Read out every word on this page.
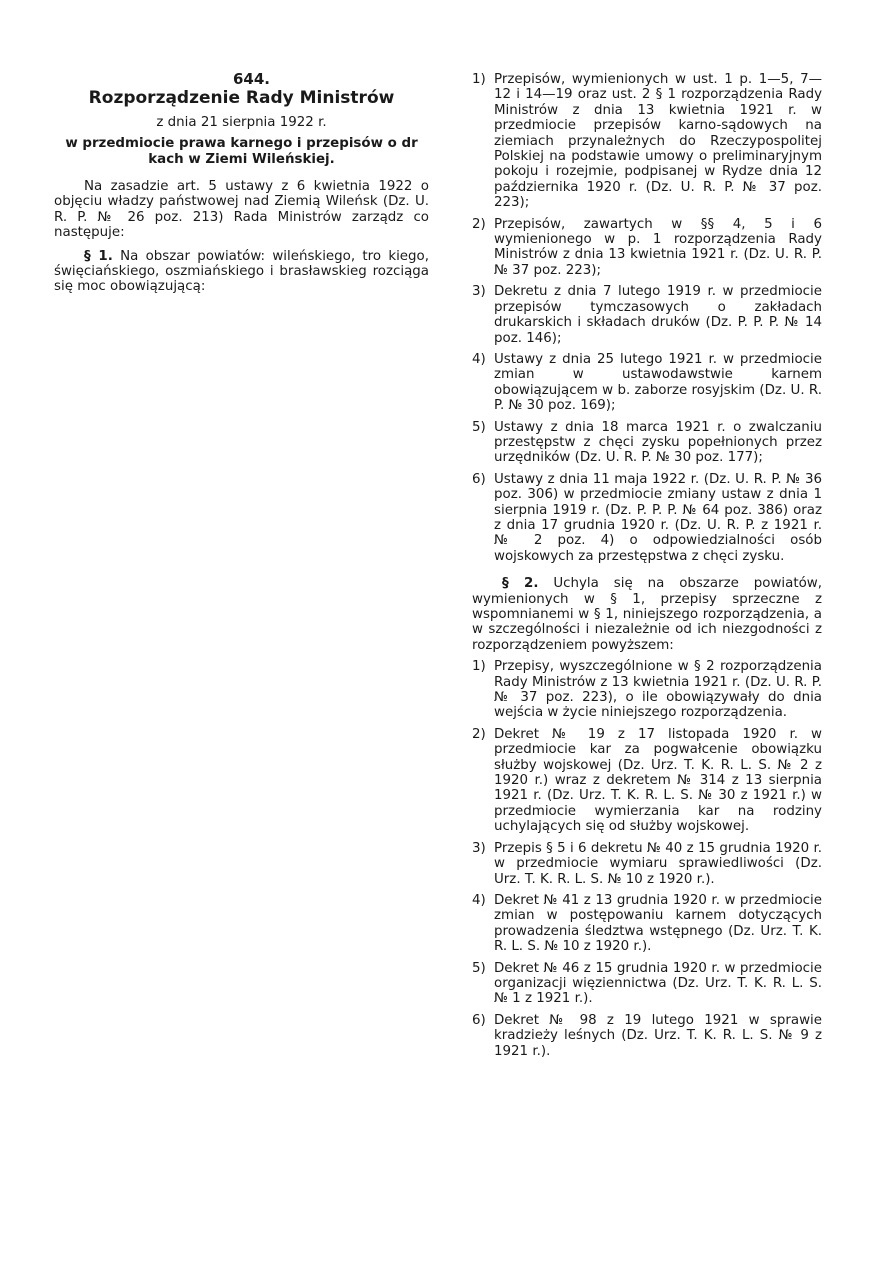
644.
Rozporządzenie Rady Ministrów
z dnia 21 sierpnia 1922 r.
w przedmiocie prawa karnego i przepisów o dr
kach w Ziemi Wileńskiej.

Na zasadzie art. 5 ustawy z 6 kwietnia 1922 o objęciu władzy państwowej nad Ziemią Wileńsk (Dz. U. R. P. № 26 poz. 213) Rada Ministrów zarządz co następuje:

§ 1. Na obszar powiatów: wileńskiego, tro kiego, święciańskiego, oszmiańskiego i brasławskieg rozciąga się moc obowiązującą:

1) Przepisów, wymienionych w ust. 1 p. 1—5, 7—12 i 14—19 oraz ust. 2 § 1 rozporządzenia Rady Ministrów z dnia 13 kwietnia 1921 r. w przedmiocie przepisów karno-sądowych na ziemiach przynależnych do Rzeczypospolitej Polskiej na podstawie umowy o preliminaryjnym pokoju i rozejmie, podpisanej w Rydze dnia 12 października 1920 r. (Dz. U. R. P. № 37 poz. 223);
2) Przepisów, zawartych w §§ 4, 5 i 6 wymienionego w p. 1 rozporządzenia Rady Ministrów z dnia 13 kwietnia 1921 r. (Dz. U. R. P. № 37 poz. 223);
3) Dekretu z dnia 7 lutego 1919 r. w przedmiocie przepisów tymczasowych o zakładach drukarskich i składach druków (Dz. P. P. P. № 14 poz. 146);
4) Ustawy z dnia 25 lutego 1921 r. w przedmiocie zmian w ustawodawstwie karnem obowiązującem w b. zaborze rosyjskim (Dz. U. R. P. № 30 poz. 169);
5) Ustawy z dnia 18 marca 1921 r. o zwalczaniu przestępstw z chęci zysku popełnionych przez urzędników (Dz. U. R. P. № 30 poz. 177);
6) Ustawy z dnia 11 maja 1922 r. (Dz. U. R. P. № 36 poz. 306) w przedmiocie zmiany ustaw z dnia 1 sierpnia 1919 r. (Dz. P. P. P. № 64 poz. 386) oraz z dnia 17 grudnia 1920 r. (Dz. U. R. P. z 1921 r. № 2 poz. 4) o odpowiedzialności osób wojskowych za przestępstwa z chęci zysku.

§ 2. Uchyla się na obszarze powiatów, wymienionych w § 1, przepisy sprzeczne z wspomnianemi w § 1, niniejszego rozporządzenia, a w szczególności i niezależnie od ich niezgodności z rozporządzeniem powyższem:

1) Przepisy, wyszczególnione w § 2 rozporządzenia Rady Ministrów z 13 kwietnia 1921 r. (Dz. U. R. P. № 37 poz. 223), o ile obowiązywały do dnia wejścia w życie niniejszego rozporządzenia.
2) Dekret № 19 z 17 listopada 1920 r. w przedmiocie kar za pogwałcenie obowiązku służby wojskowej (Dz. Urz. T. K. R. L. S. № 2 z 1920 r.) wraz z dekretem № 314 z 13 sierpnia 1921 r. (Dz. Urz. T. K. R. L. S. № 30 z 1921 r.) w przedmiocie wymierzania kar na rodziny uchylających się od służby wojskowej.
3) Przepis § 5 i 6 dekretu № 40 z 15 grudnia 1920 r. w przedmiocie wymiaru sprawiedliwości (Dz. Urz. T. K. R. L. S. № 10 z 1920 r.).
4) Dekret № 41 z 13 grudnia 1920 r. w przedmiocie zmian w postępowaniu karnem dotyczących prowadzenia śledztwa wstępnego (Dz. Urz. T. K. R. L. S. № 10 z 1920 r.).
5) Dekret № 46 z 15 grudnia 1920 r. w przedmiocie organizacji więziennictwa (Dz. Urz. T. K. R. L. S. № 1 z 1921 r.).
6) Dekret № 98 z 19 lutego 1921 w sprawie kradzieży leśnych (Dz. Urz. T. K. R. L. S. № 9 z 1921 r.).
